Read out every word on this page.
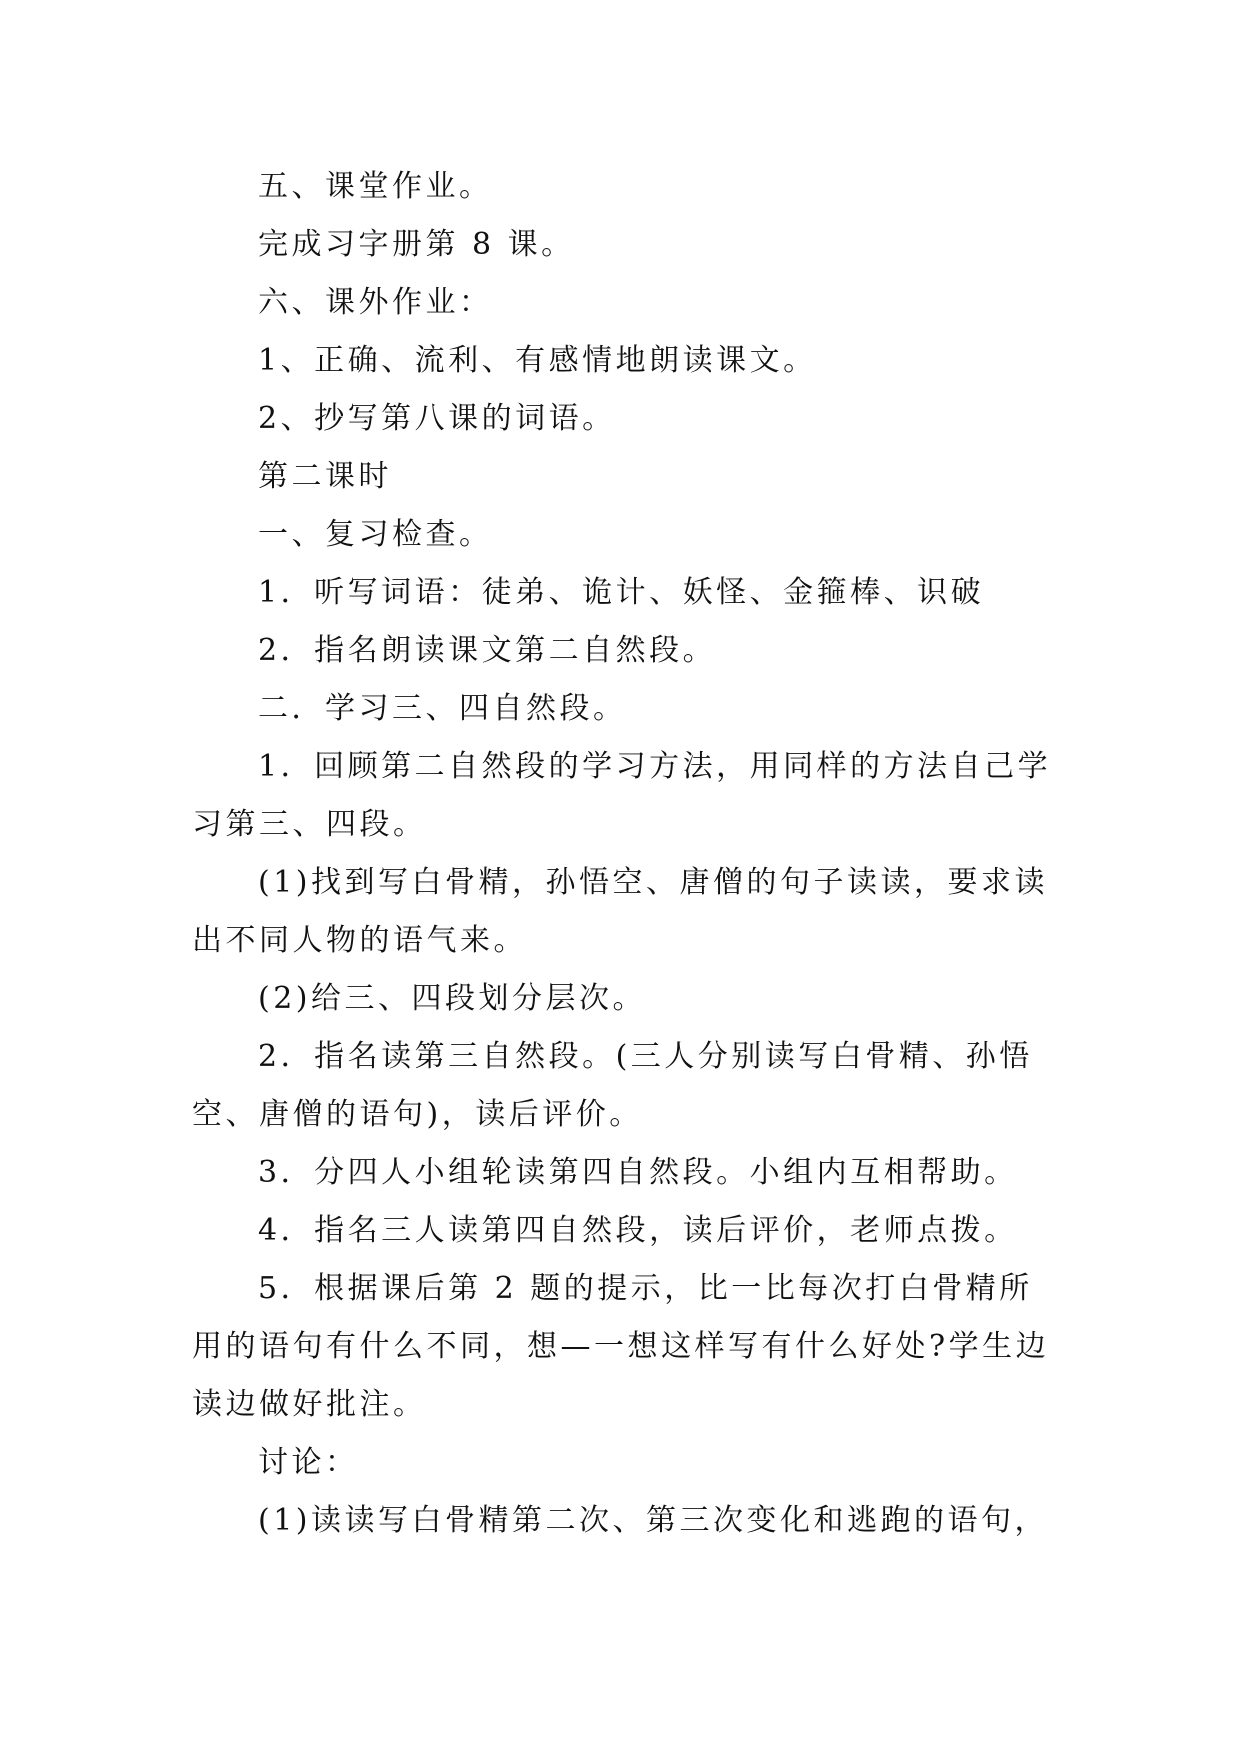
五、课堂作业。

完成习字册第 8 课。

六、课外作业：

1、正确、流利、有感情地朗读课文。

2、抄写第八课的词语。

第二课时

一、复习检查。

1．听写词语：徒弟、诡计、妖怪、金箍棒、识破

2．指名朗读课文第二自然段。

二．学习三、四自然段。

1．回顾第二自然段的学习方法，用同样的方法自己学习第三、四段。

(1)找到写白骨精，孙悟空、唐僧的句子读读，要求读出不同人物的语气来。

(2)给三、四段划分层次。

2．指名读第三自然段。(三人分别读写白骨精、孙悟空、唐僧的语句)，读后评价。

3．分四人小组轮读第四自然段。小组内互相帮助。

4．指名三人读第四自然段，读后评价，老师点拨。

5．根据课后第 2 题的提示，比一比每次打白骨精所用的语句有什么不同，想—一想这样写有什么好处?学生边读边做好批注。

讨论：

(1)读读写白骨精第二次、第三次变化和逃跑的语句，
